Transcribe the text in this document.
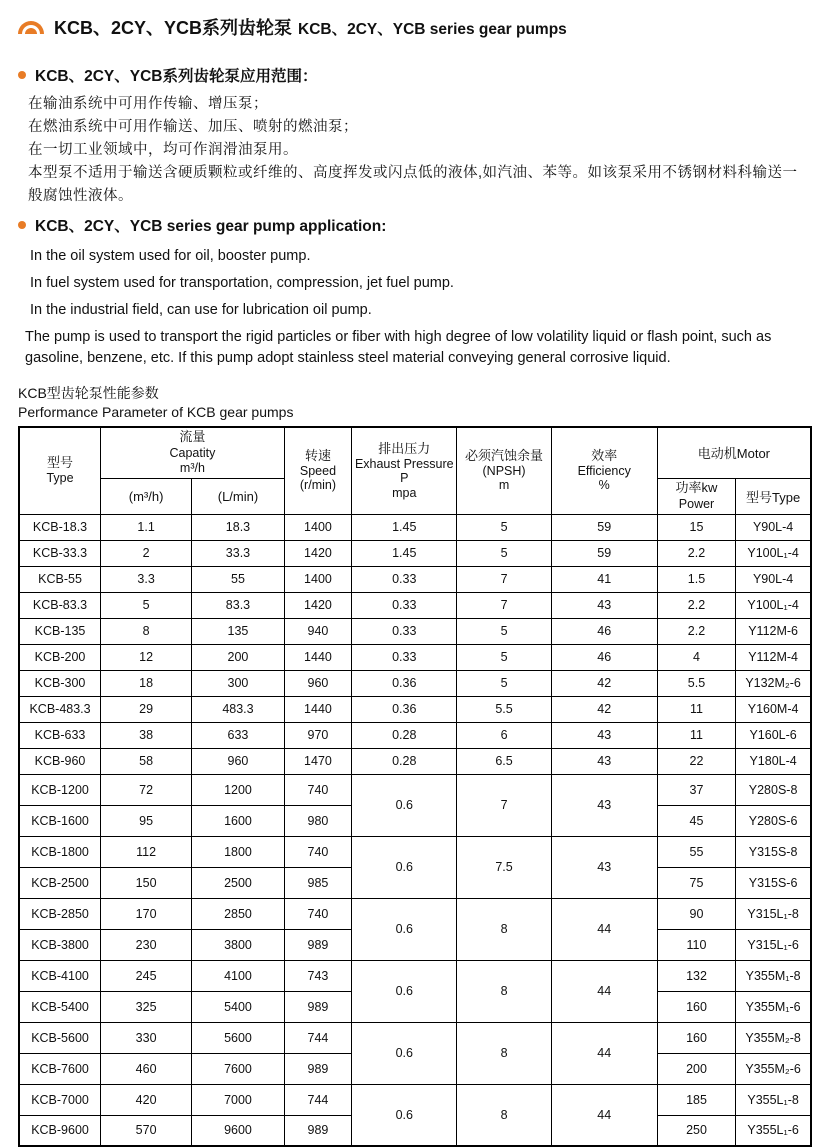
KCB、2CY、YCB系列齿轮泵 KCB、2CY、YCB series gear pumps
KCB、2CY、YCB系列齿轮泵应用范围：
在输油系统中可用作传输、增压泵；
在燃油系统中可用作输送、加压、喷射的燃油泵；
在一切工业领域中，均可作润滑油泵用。
本型泵不适用于输送含硬质颗粒或纤维的、高度挥发或闪点低的液体,如汽油、苯等。如该泵采用不锈钢材料科输送一般腐蚀性液体。
KCB、2CY、YCB series gear pump application:
In the oil system used for oil, booster pump.
In fuel system used for transportation, compression, jet fuel pump.
In the industrial field, can use for lubrication oil pump.
The pump is used to transport the rigid particles or fiber with high degree of low volatility liquid or flash point, such as gasoline, benzene, etc. If this pump adopt stainless steel material conveying general corrosive liquid.
KCB型齿轮泵性能参数
Performance Parameter of KCB gear pumps
型号
Type	流量
Capatity
m³/h		转速
Speed
(r/min)	排出压力
Exhaust Pressure P
mpa	必须汽蚀余量
(NPSH)
m	效率
Efficiency
%	电动机Motor	
	(m³/h)	(L/min)					功率kw
Power	型号Type
KCB-18.3	1.1	18.3	1400	1.45	5	59	15	Y90L-4
KCB-33.3	2	33.3	1420	1.45	5	59	2.2	Y100L₁-4
KCB-55	3.3	55	1400	0.33	7	41	1.5	Y90L-4
KCB-83.3	5	83.3	1420	0.33	7	43	2.2	Y100L₁-4
KCB-135	8	135	940	0.33	5	46	2.2	Y112M-6
KCB-200	12	200	1440	0.33	5	46	4	Y112M-4
KCB-300	18	300	960	0.36	5	42	5.5	Y132M₂-6
KCB-483.3	29	483.3	1440	0.36	5.5	42	11	Y160M-4
KCB-633	38	633	970	0.28	6	43	11	Y160L-6
KCB-960	58	960	1470	0.28	6.5	43	22	Y180L-4
KCB-1200	72	1200	740	0.6	7	43	37	Y280S-8
KCB-1600	95	1600	980				45	Y280S-6
KCB-1800	112	1800	740	0.6	7.5	43	55	Y315S-8
KCB-2500	150	2500	985				75	Y315S-6
KCB-2850	170	2850	740	0.6	8	44	90	Y315L₁-8
KCB-3800	230	3800	989				110	Y315L₁-6
KCB-4100	245	4100	743	0.6	8	44	132	Y355M₁-8
KCB-5400	325	5400	989				160	Y355M₁-6
KCB-5600	330	5600	744	0.6	8	44	160	Y355M₂-8
KCB-7600	460	7600	989				200	Y355M₂-6
KCB-7000	420	7000	744	0.6	8	44	185	Y355L₁-8
KCB-9600	570	9600	989				250	Y355L₁-6
